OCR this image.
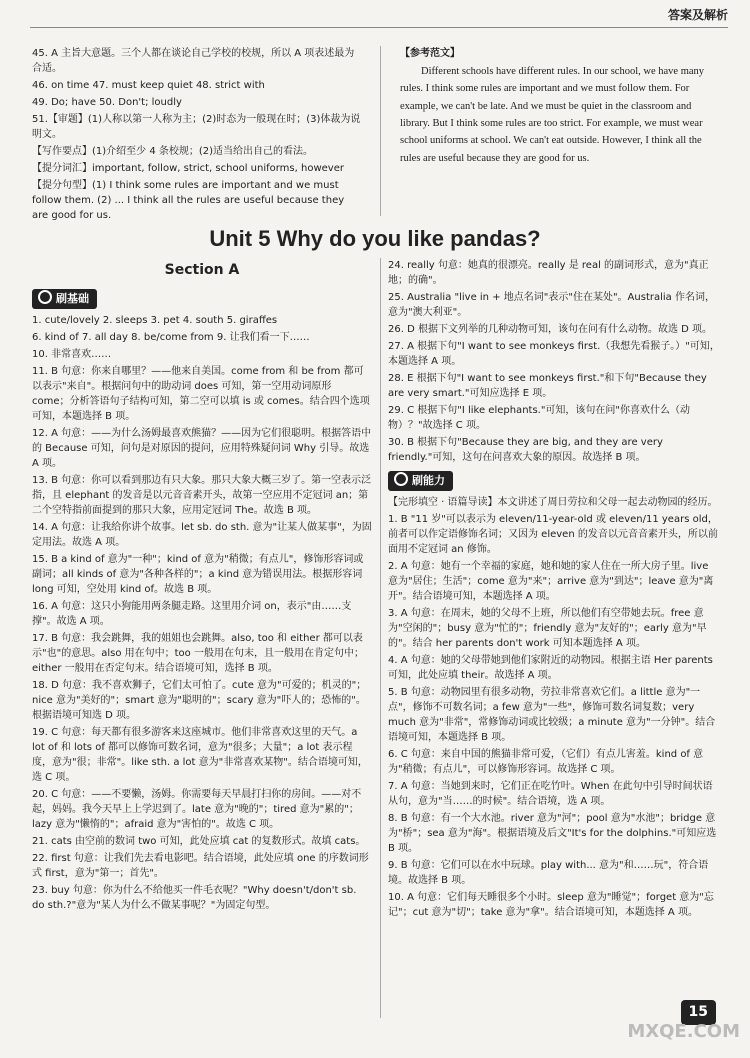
答案及解析
45. A 主旨大意题。三个人都在谈论自己学校的校规，所以 A 项表述最为合适。
46. on time 47. must keep quiet 48. strict with
49. Do; have 50. Don't; loudly
51.【审题】(1)人称以第一人称为主；(2)时态为一般现在时；(3)体裁为说明文。
【写作要点】(1)介绍至少 4 条校规；(2)适当给出自己的看法。
【提分词汇】important, follow, strict, school uniforms, however
【提分句型】(1) I think some rules are important and we must follow them. (2) ... I think all the rules are useful because they are good for us.
【参考范文】

Different schools have different rules. In our school, we have many rules. I think some rules are important and we must follow them. For example, we can't be late. And we must be quiet in the classroom and library. But I think some rules are too strict. For example, we must wear school uniforms at school. We can't eat outside. However, I think all the rules are useful because they are good for us.

Unit 5 Why do you like pandas?
Section A
刷基础
1. cute/lovely 2. sleeps 3. pet 4. south 5. giraffes
6. kind of 7. all day 8. be/come from 9. 让我们看一下……
10. 非常喜欢……
11. B 句意：你来自哪里？——他来自美国。come from 和 be from 都可以表示"来自"。根据问句中的助动词 does 可知，第一空用动词原形 come；分析答语句子结构可知，第二空可以填 is 或 comes。结合四个选项可知，本题选择 B 项。
12. A 句意：——为什么汤姆最喜欢熊猫？——因为它们很聪明。根据答语中的 Because 可知，问句是对原因的提问，应用特殊疑问词 Why 引导。故选 A 项。
13. B 句意：你可以看到那边有只大象。那只大象大概三岁了。第一空表示泛指，且 elephant 的发音是以元音音素开头，故第一空应用不定冠词 an；第二个空特指前面提到的那只大象，应用定冠词 The。故选 B 项。
14. A 句意：让我给你讲个故事。let sb. do sth. 意为"让某人做某事"，为固定用法。故选 A 项。
15. B a kind of 意为"一种"；kind of 意为"稍微；有点儿"，修饰形容词或副词；all kinds of 意为"各种各样的"；a kind 意为错误用法。根据形容词 long 可知，空处用 kind of。故选 B 项。
16. A 句意：这只小狗能用两条腿走路。这里用介词 on，表示"由……支撑"。故选 A 项。
17. B 句意：我会跳舞，我的姐姐也会跳舞。also, too 和 either 都可以表示"也"的意思。also 用在句中；too 一般用在句末，且一般用在肯定句中；either 一般用在否定句末。结合语境可知，选择 B 项。
18. D 句意：我不喜欢狮子，它们太可怕了。cute 意为"可爱的；机灵的"；nice 意为"美好的"；smart 意为"聪明的"；scary 意为"吓人的；恐怖的"。根据语境可知选 D 项。
19. C 句意：每天都有很多游客来这座城市。他们非常喜欢这里的天气。a lot of 和 lots of 都可以修饰可数名词，意为"很多；大量"；a lot 表示程度，意为"很；非常"。like sth. a lot 意为"非常喜欢某物"。结合语境可知，选 C 项。
20. C 句意：——不要懒，汤姆。你需要每天早晨打扫你的房间。——对不起，妈妈。我今天早上上学迟到了。late 意为"晚的"；tired 意为"累的"；lazy 意为"懒惰的"；afraid 意为"害怕的"。故选 C 项。
21. cats 由空前的数词 two 可知，此处应填 cat 的复数形式。故填 cats。
22. first 句意：让我们先去看电影吧。结合语境，此处应填 one 的序数词形式 first，意为"第一；首先"。
23. buy 句意：你为什么不给他买一件毛衣呢？"Why doesn't/don't sb. do sth.?"意为"某人为什么不做某事呢？"为固定句型。
24. really 句意：她真的很漂亮。really 是 real 的副词形式，意为"真正地；的确"。
25. Australia "live in + 地点名词"表示"住在某处"。Australia 作名词，意为"澳大利亚"。
26. D 根据下文列举的几种动物可知，该句在问有什么动物。故选 D 项。
27. A 根据下句"I want to see monkeys first.（我想先看猴子。）"可知，本题选择 A 项。
28. E 根据下句"I want to see monkeys first."和下句"Because they are very smart."可知应选择 E 项。
29. C 根据下句"I like elephants."可知，该句在问"你喜欢什么（动物）？"故选择 C 项。
30. B 根据下句"Because they are big, and they are very friendly."可知，这句在问喜欢大象的原因。故选择 B 项。
刷能力
【完形填空 · 语篇导读】本文讲述了周日劳拉和父母一起去动物园的经历。
1. B "11 岁"可以表示为 eleven/11-year-old 或 eleven/11 years old，前者可以作定语修饰名词；又因为 eleven 的发音以元音音素开头，所以前面用不定冠词 an 修饰。
2. A 句意：她有一个幸福的家庭，她和她的家人住在一所大房子里。live 意为"居住；生活"；come 意为"来"；arrive 意为"到达"；leave 意为"离开"。结合语境可知，本题选择 A 项。
3. A 句意：在周末，她的父母不上班，所以他们有空带她去玩。free 意为"空闲的"；busy 意为"忙的"；friendly 意为"友好的"；early 意为"早的"。结合 her parents don't work 可知本题选择 A 项。
4. A 句意：她的父母带她到他们家附近的动物园。根据主语 Her parents 可知，此处应填 their。故选择 A 项。
5. B 句意：动物园里有很多动物，劳拉非常喜欢它们。a little 意为"一点"，修饰不可数名词；a few 意为"一些"，修饰可数名词复数；very much 意为"非常"，常修饰动词或比较级；a minute 意为"一分钟"。结合语境可知，本题选择 B 项。
6. C 句意：来自中国的熊猫非常可爱，（它们）有点儿害羞。kind of 意为"稍微；有点儿"，可以修饰形容词。故选择 C 项。
7. A 句意：当她到来时，它们正在吃竹叶。When 在此句中引导时间状语从句，意为"当……的时候"。结合语境，选 A 项。
8. B 句意：有一个大水池。river 意为"河"；pool 意为"水池"；bridge 意为"桥"；sea 意为"海"。根据语境及后文"It's for the dolphins."可知应选 B 项。
9. B 句意：它们可以在水中玩球。play with... 意为"和……玩"，符合语境。故选择 B 项。
10. A 句意：它们每天睡很多个小时。sleep 意为"睡觉"；forget 意为"忘记"；cut 意为"切"；take 意为"拿"。结合语境可知，本题选择 A 项。
15
MXQE.COM
